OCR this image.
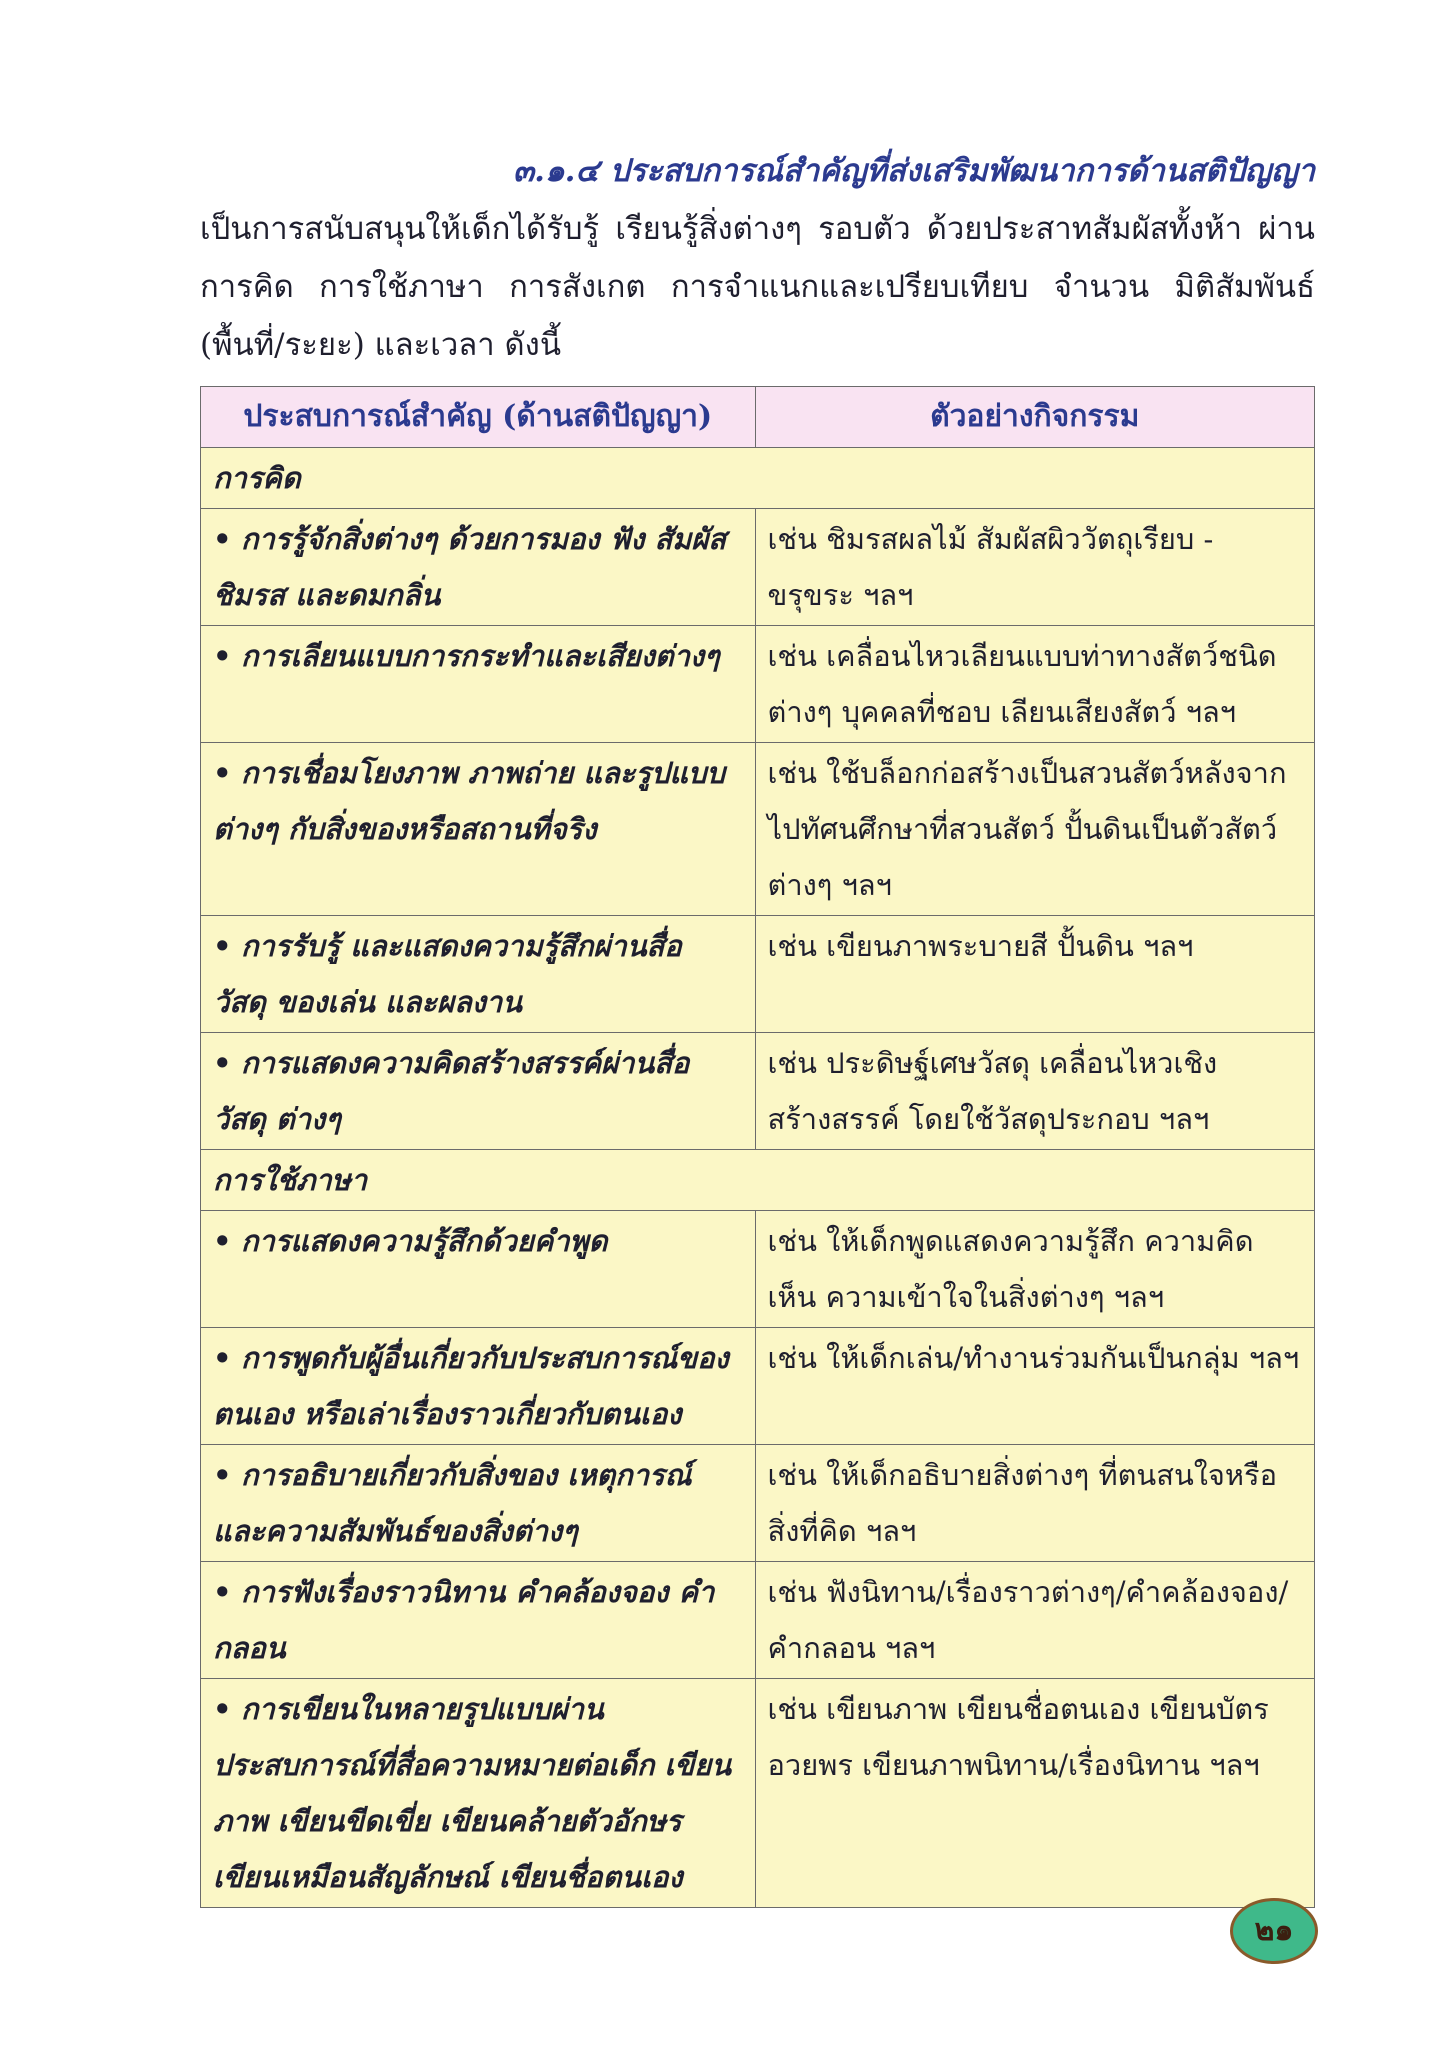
๓.๑.๔ ประสบการณ์สำคัญที่ส่งเสริมพัฒนาการด้านสติปัญญา
เป็นการสนับสนุนให้เด็กได้รับรู้ เรียนรู้สิ่งต่างๆ รอบตัว ด้วยประสาทสัมผัสทั้งห้า ผ่านการคิด การใช้ภาษา การสังเกต การจำแนกและเปรียบเทียบ จำนวน มิติสัมพันธ์ (พื้นที่/ระยะ) และเวลา ดังนี้
ประสบการณ์สำคัญ (ด้านสติปัญญา)	ตัวอย่างกิจกรรม
การคิด	
• การรู้จักสิ่งต่างๆ ด้วยการมอง ฟัง สัมผัส ชิมรส และดมกลิ่น	เช่น ชิมรสผลไม้ สัมผัสผิววัตถุเรียบ - ขรุขระ ฯลฯ
• การเลียนแบบการกระทำและเสียงต่างๆ	เช่น เคลื่อนไหวเลียนแบบท่าทางสัตว์ชนิดต่างๆ บุคคลที่ชอบ เลียนเสียงสัตว์ ฯลฯ
• การเชื่อมโยงภาพ ภาพถ่าย และรูปแบบต่างๆ กับสิ่งของหรือสถานที่จริง	เช่น ใช้บล็อกก่อสร้างเป็นสวนสัตว์หลังจากไปทัศนศึกษาที่สวนสัตว์ ปั้นดินเป็นตัวสัตว์ต่างๆ ฯลฯ
• การรับรู้ และแสดงความรู้สึกผ่านสื่อ วัสดุ ของเล่น และผลงาน	เช่น เขียนภาพระบายสี ปั้นดิน ฯลฯ
• การแสดงความคิดสร้างสรรค์ผ่านสื่อ วัสดุ ต่างๆ	เช่น ประดิษฐ์เศษวัสดุ เคลื่อนไหวเชิงสร้างสรรค์ โดยใช้วัสดุประกอบ ฯลฯ
การใช้ภาษา	
• การแสดงความรู้สึกด้วยคำพูด	เช่น ให้เด็กพูดแสดงความรู้สึก ความคิดเห็น ความเข้าใจในสิ่งต่างๆ ฯลฯ
• การพูดกับผู้อื่นเกี่ยวกับประสบการณ์ของตนเอง หรือเล่าเรื่องราวเกี่ยวกับตนเอง	เช่น ให้เด็กเล่น/ทำงานร่วมกันเป็นกลุ่ม ฯลฯ
• การอธิบายเกี่ยวกับสิ่งของ เหตุการณ์ และความสัมพันธ์ของสิ่งต่างๆ	เช่น ให้เด็กอธิบายสิ่งต่างๆ ที่ตนสนใจหรือสิ่งที่คิด ฯลฯ
• การฟังเรื่องราวนิทาน คำคล้องจอง คำกลอน	เช่น ฟังนิทาน/เรื่องราวต่างๆ/คำคล้องจอง/คำกลอน ฯลฯ
• การเขียนในหลายรูปแบบผ่านประสบการณ์ที่สื่อความหมายต่อเด็ก เขียนภาพ เขียนขีดเขี่ย เขียนคล้ายตัวอักษร เขียนเหมือนสัญลักษณ์ เขียนชื่อตนเอง	เช่น เขียนภาพ เขียนชื่อตนเอง เขียนบัตรอวยพร เขียนภาพนิทาน/เรื่องนิทาน ฯลฯ
๒๑
